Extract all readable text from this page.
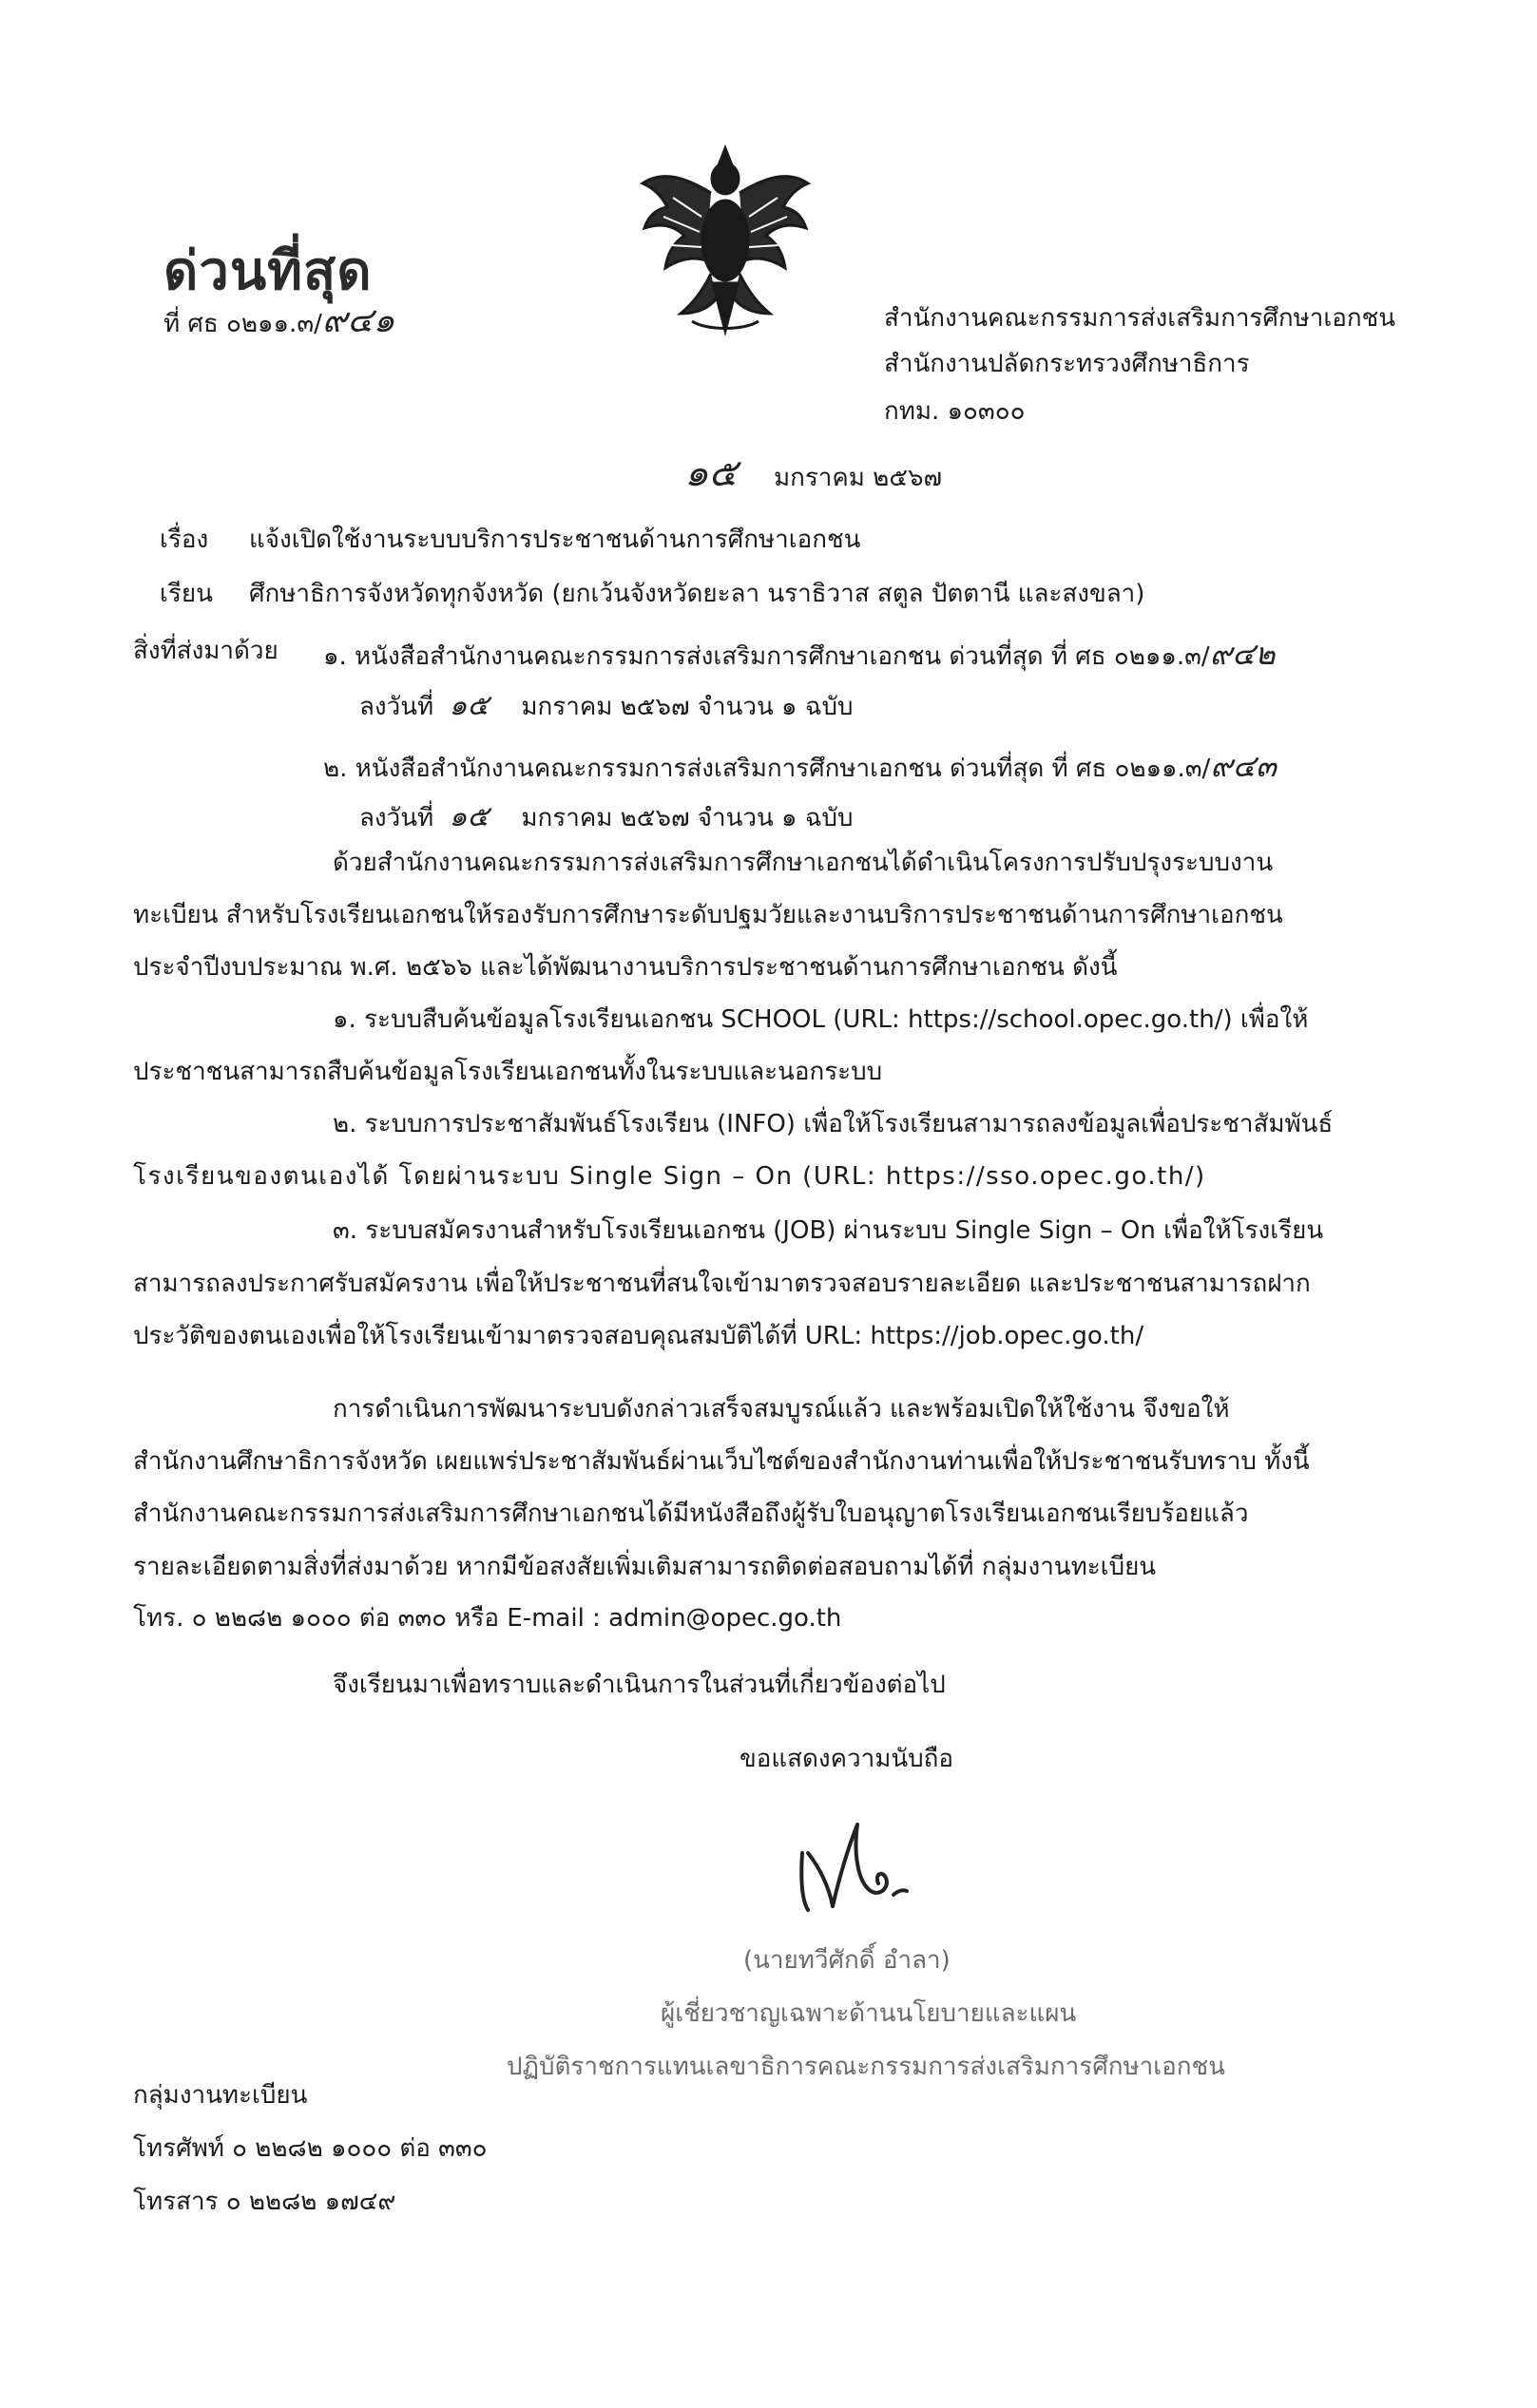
ด่วนที่สุด
ที่ ศธ ๐๒๑๑.๓/๙๔๑	สำนักงานคณะกรรมการส่งเสริมการศึกษาเอกชน
สำนักงานปลัดกระทรวงศึกษาธิการ
กทม. ๑๐๓๐๐
๑๕ มกราคม ๒๕๖๗
เรื่อง แจ้งเปิดใช้งานระบบบริการประชาชนด้านการศึกษาเอกชน
เรียน ศึกษาธิการจังหวัดทุกจังหวัด (ยกเว้นจังหวัดยะลา นราธิวาส สตูล ปัตตานี และสงขลา)
สิ่งที่ส่งมาด้วย ๑. หนังสือสำนักงานคณะกรรมการส่งเสริมการศึกษาเอกชน ด่วนที่สุด ที่ ศธ ๐๒๑๑.๓/๙๔๒
ลงวันที่ ๑๕ มกราคม ๒๕๖๗ จำนวน ๑ ฉบับ
๒. หนังสือสำนักงานคณะกรรมการส่งเสริมการศึกษาเอกชน ด่วนที่สุด ที่ ศธ ๐๒๑๑.๓/๙๔๓
ลงวันที่ ๑๕ มกราคม ๒๕๖๗ จำนวน ๑ ฉบับ
ด้วยสำนักงานคณะกรรมการส่งเสริมการศึกษาเอกชนได้ดำเนินโครงการปรับปรุงระบบงาน
ทะเบียน สำหรับโรงเรียนเอกชนให้รองรับการศึกษาระดับปฐมวัยและงานบริการประชาชนด้านการศึกษาเอกชน
ประจำปีงบประมาณ พ.ศ. ๒๕๖๖ และได้พัฒนางานบริการประชาชนด้านการศึกษาเอกชน ดังนี้
๑. ระบบสืบค้นข้อมูลโรงเรียนเอกชน SCHOOL (URL: https://school.opec.go.th/) เพื่อให้
ประชาชนสามารถสืบค้นข้อมูลโรงเรียนเอกชนทั้งในระบบและนอกระบบ
๒. ระบบการประชาสัมพันธ์โรงเรียน (INFO) เพื่อให้โรงเรียนสามารถลงข้อมูลเพื่อประชาสัมพันธ์
โรงเรียนของตนเองได้ โดยผ่านระบบ Single Sign – On (URL: https://sso.opec.go.th/)
๓. ระบบสมัครงานสำหรับโรงเรียนเอกชน (JOB) ผ่านระบบ Single Sign – On เพื่อให้โรงเรียน
สามารถลงประกาศรับสมัครงาน เพื่อให้ประชาชนที่สนใจเข้ามาตรวจสอบรายละเอียด และประชาชนสามารถฝาก
ประวัติของตนเองเพื่อให้โรงเรียนเข้ามาตรวจสอบคุณสมบัติได้ที่ URL: https://job.opec.go.th/
การดำเนินการพัฒนาระบบดังกล่าวเสร็จสมบูรณ์แล้ว และพร้อมเปิดให้ใช้งาน จึงขอให้
สำนักงานศึกษาธิการจังหวัด เผยแพร่ประชาสัมพันธ์ผ่านเว็บไซต์ของสำนักงานท่านเพื่อให้ประชาชนรับทราบ ทั้งนี้
สำนักงานคณะกรรมการส่งเสริมการศึกษาเอกชนได้มีหนังสือถึงผู้รับใบอนุญาตโรงเรียนเอกชนเรียบร้อยแล้ว
รายละเอียดตามสิ่งที่ส่งมาด้วย หากมีข้อสงสัยเพิ่มเติมสามารถติดต่อสอบถามได้ที่ กลุ่มงานทะเบียน
โทร. ๐ ๒๒๘๒ ๑๐๐๐ ต่อ ๓๓๐ หรือ E-mail : admin@opec.go.th
จึงเรียนมาเพื่อทราบและดำเนินการในส่วนที่เกี่ยวข้องต่อไป
ขอแสดงความนับถือ
(นายทวีศักดิ์ อำลา)
ผู้เชี่ยวชาญเฉพาะด้านนโยบายและแผน
ปฏิบัติราชการแทนเลขาธิการคณะกรรมการส่งเสริมการศึกษาเอกชน
กลุ่มงานทะเบียน
โทรศัพท์ ๐ ๒๒๘๒ ๑๐๐๐ ต่อ ๓๓๐
โทรสาร ๐ ๒๒๘๒ ๑๗๔๙
